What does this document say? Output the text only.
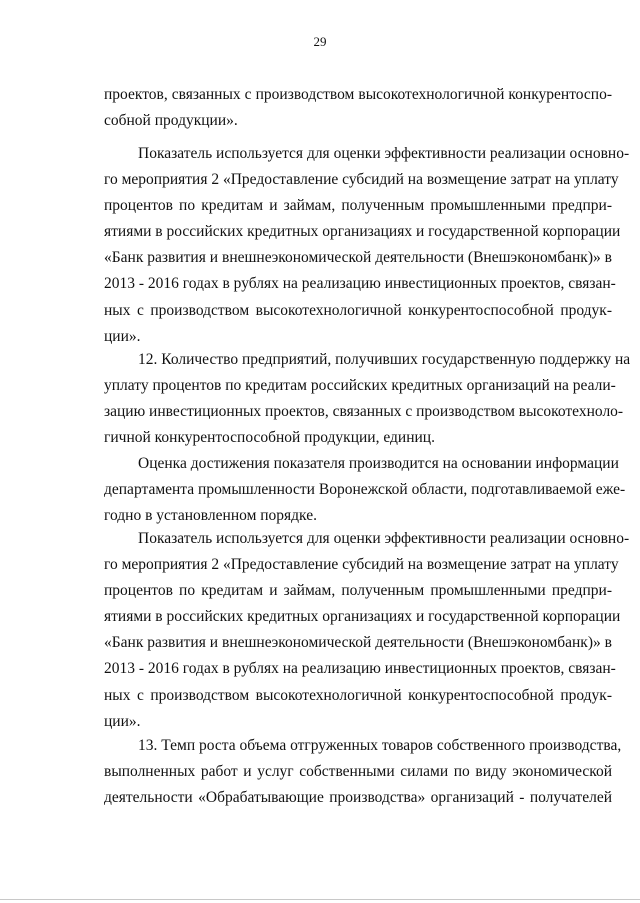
29
проектов, связанных с производством высокотехнологичной конкурентоспо-
собной продукции».
Показатель используется для оценки эффективности реализации основно-
го мероприятия 2 «Предоставление субсидий на возмещение затрат на уплату
процентов по кредитам и займам, полученным промышленными предпри-
ятиями в российских кредитных организациях и государственной корпорации
«Банк развития и внешнеэкономической деятельности (Внешэкономбанк)» в
2013 - 2016 годах в рублях на реализацию инвестиционных проектов, связан-
ных с производством высокотехнологичной конкурентоспособной продук-
ции».
12. Количество предприятий, получивших государственную поддержку на
уплату процентов по кредитам российских кредитных организаций на реали-
зацию инвестиционных проектов, связанных с производством высокотехноло-
гичной конкурентоспособной продукции, единиц.
Оценка достижения показателя производится на основании информации
департамента промышленности Воронежской области, подготавливаемой еже-
годно в установленном порядке.
Показатель используется для оценки эффективности реализации основно-
го мероприятия 2 «Предоставление субсидий на возмещение затрат на уплату
процентов по кредитам и займам, полученным промышленными предпри-
ятиями в российских кредитных организациях и государственной корпорации
«Банк развития и внешнеэкономической деятельности (Внешэкономбанк)» в
2013 - 2016 годах в рублях на реализацию инвестиционных проектов, связан-
ных с производством высокотехнологичной конкурентоспособной продук-
ции».
13. Темп роста объема отгруженных товаров собственного производства,
выполненных работ и услуг собственными силами по виду экономической
деятельности «Обрабатывающие производства» организаций - получателей
